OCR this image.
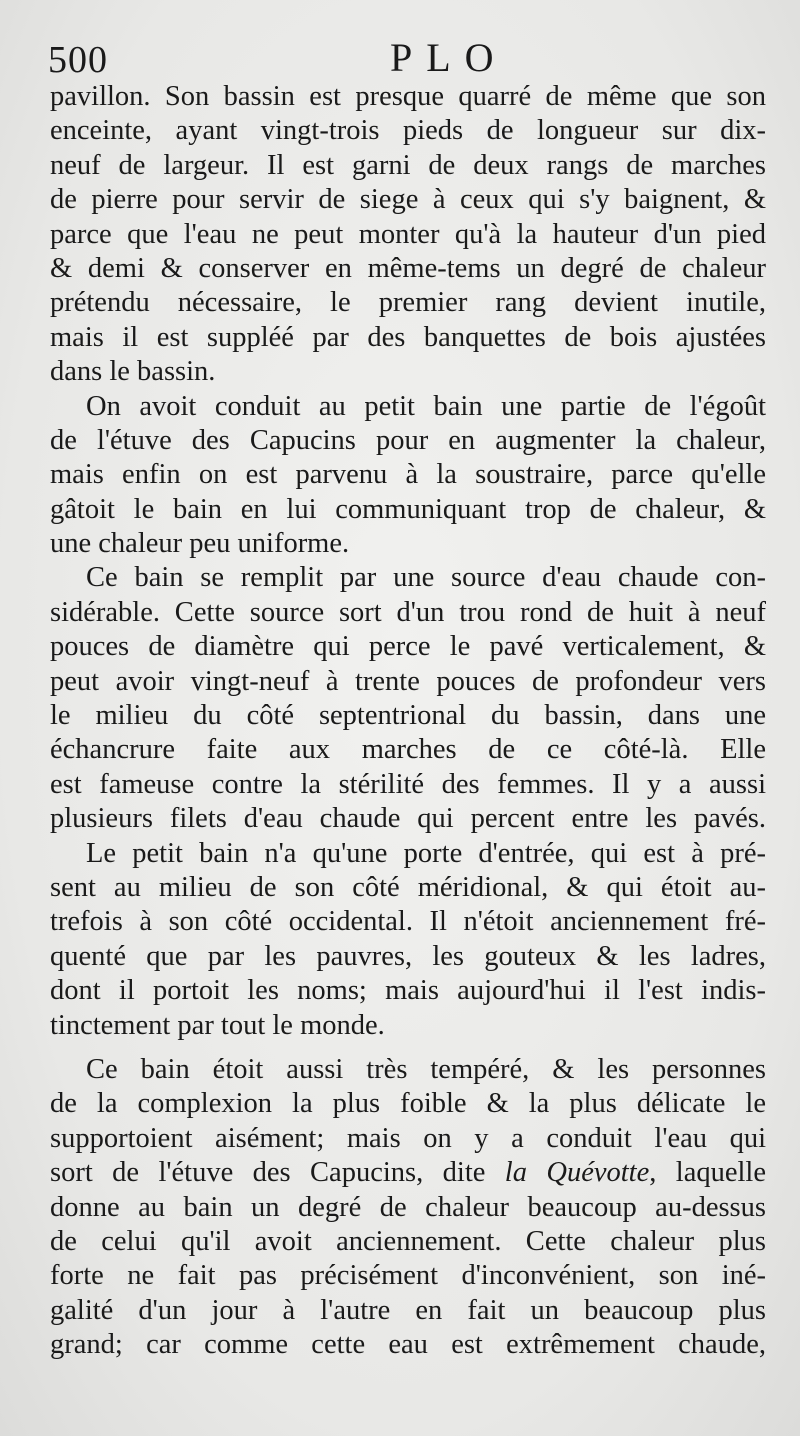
500	PLO
pavillon. Son bassin est presque quarré de même que son
enceinte, ayant vingt-trois pieds de longueur sur dix-
neuf de largeur. Il est garni de deux rangs de marches
de pierre pour servir de siege à ceux qui s'y baignent, &
parce que l'eau ne peut monter qu'à la hauteur d'un pied
& demi & conserver en même-tems un degré de chaleur
prétendu nécessaire, le premier rang devient inutile,
mais il est suppléé par des banquettes de bois ajustées
dans le bassin.
On avoit conduit au petit bain une partie de l'égoût
de l'étuve des Capucins pour en augmenter la chaleur,
mais enfin on est parvenu à la soustraire, parce qu'elle
gâtoit le bain en lui communiquant trop de chaleur, &
une chaleur peu uniforme.
Ce bain se remplit par une source d'eau chaude con-
sidérable. Cette source sort d'un trou rond de huit à neuf
pouces de diamètre qui perce le pavé verticalement, &
peut avoir vingt-neuf à trente pouces de profondeur vers
le milieu du côté septentrional du bassin, dans une
échancrure faite aux marches de ce côté-là. Elle
est fameuse contre la stérilité des femmes. Il y a aussi
plusieurs filets d'eau chaude qui percent entre les pavés.
Le petit bain n'a qu'une porte d'entrée, qui est à pré-
sent au milieu de son côté méridional, & qui étoit au-
trefois à son côté occidental. Il n'étoit anciennement fré-
quenté que par les pauvres, les gouteux & les ladres,
dont il portoit les noms; mais aujourd'hui il l'est indis-
tinctement par tout le monde.
Ce bain étoit aussi très tempéré, & les personnes
de la complexion la plus foible & la plus délicate le
supportoient aisément; mais on y a conduit l'eau qui
sort de l'étuve des Capucins, dite la Quévotte, laquelle
donne au bain un degré de chaleur beaucoup au-dessus
de celui qu'il avoit anciennement. Cette chaleur plus
forte ne fait pas précisément d'inconvénient, son iné-
galité d'un jour à l'autre en fait un beaucoup plus
grand; car comme cette eau est extrêmement chaude,
